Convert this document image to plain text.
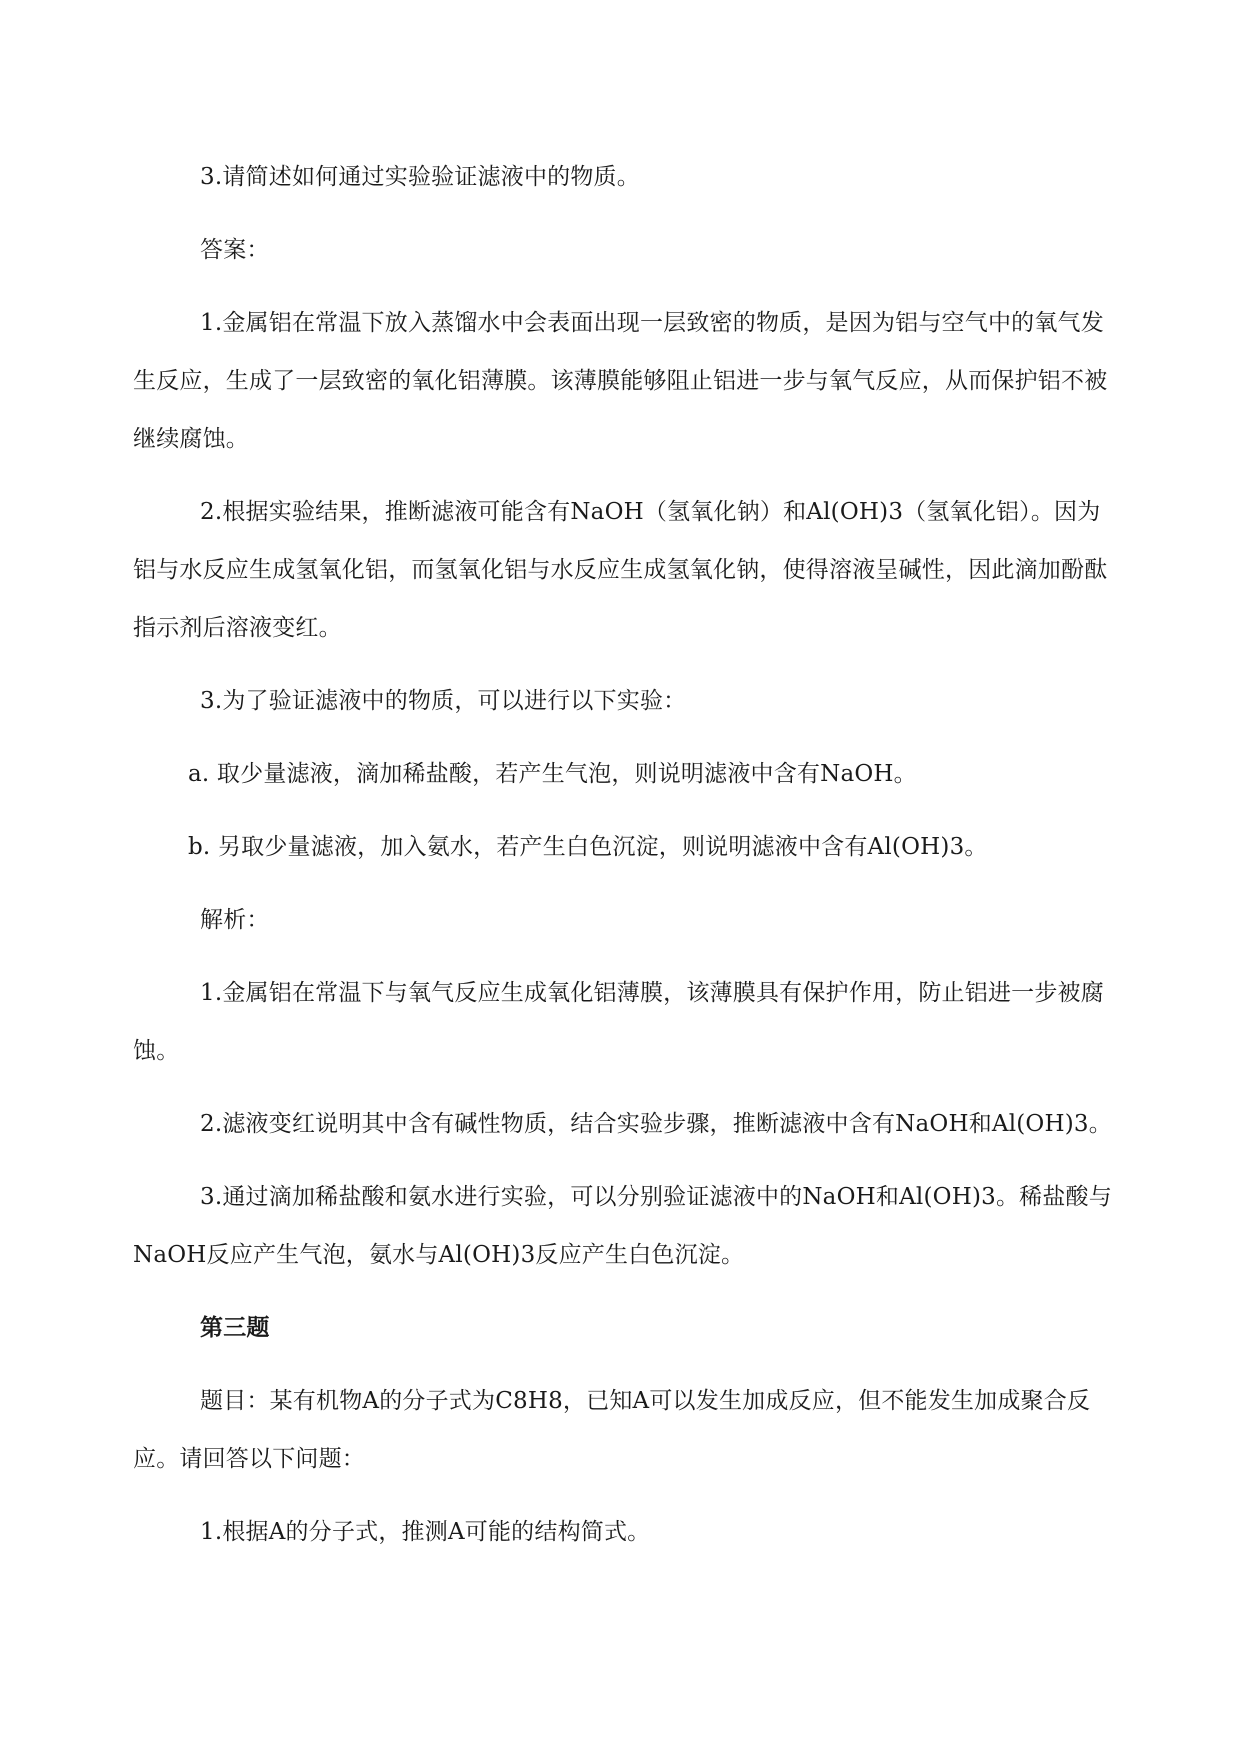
3.请简述如何通过实验验证滤液中的物质。

答案：

1.金属铝在常温下放入蒸馏水中会表面出现一层致密的物质，是因为铝与空气中的氧气发生反应，生成了一层致密的氧化铝薄膜。该薄膜能够阻止铝进一步与氧气反应，从而保护铝不被继续腐蚀。

2.根据实验结果，推断滤液可能含有NaOH（氢氧化钠）和Al(OH)3（氢氧化铝）。因为铝与水反应生成氢氧化铝，而氢氧化铝与水反应生成氢氧化钠，使得溶液呈碱性，因此滴加酚酞指示剂后溶液变红。

3.为了验证滤液中的物质，可以进行以下实验：

a. 取少量滤液，滴加稀盐酸，若产生气泡，则说明滤液中含有NaOH。

b. 另取少量滤液，加入氨水，若产生白色沉淀，则说明滤液中含有Al(OH)3。

解析：

1.金属铝在常温下与氧气反应生成氧化铝薄膜，该薄膜具有保护作用，防止铝进一步被腐蚀。

2.滤液变红说明其中含有碱性物质，结合实验步骤，推断滤液中含有NaOH和Al(OH)3。

3.通过滴加稀盐酸和氨水进行实验，可以分别验证滤液中的NaOH和Al(OH)3。稀盐酸与NaOH反应产生气泡，氨水与Al(OH)3反应产生白色沉淀。

第三题

题目：某有机物A的分子式为C8H8，已知A可以发生加成反应，但不能发生加成聚合反应。请回答以下问题：

1.根据A的分子式，推测A可能的结构简式。
